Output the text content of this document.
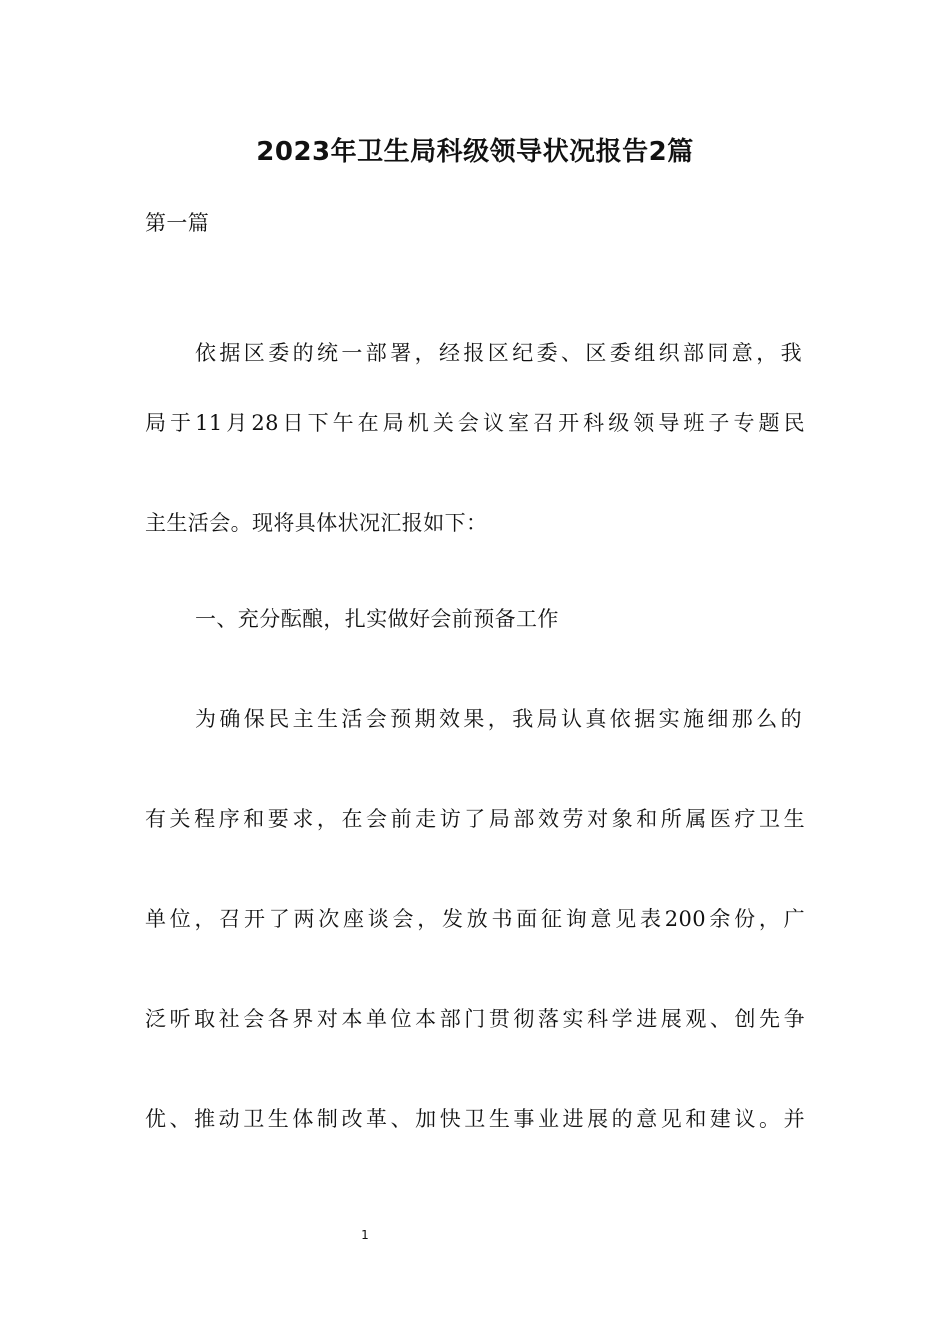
2023年卫生局科级领导状况报告2篇
第一篇
依据区委的统一部署，经报区纪委、区委组织部同意，我
局于11月28日下午在局机关会议室召开科级领导班子专题民
主生活会。现将具体状况汇报如下：
一、充分酝酿，扎实做好会前预备工作
为确保民主生活会预期效果，我局认真依据实施细那么的
有关程序和要求，在会前走访了局部效劳对象和所属医疗卫生
单位，召开了两次座谈会，发放书面征询意见表200余份，广
泛听取社会各界对本单位本部门贯彻落实科学进展观、创先争
优、推动卫生体制改革、加快卫生事业进展的意见和建议。并
1
